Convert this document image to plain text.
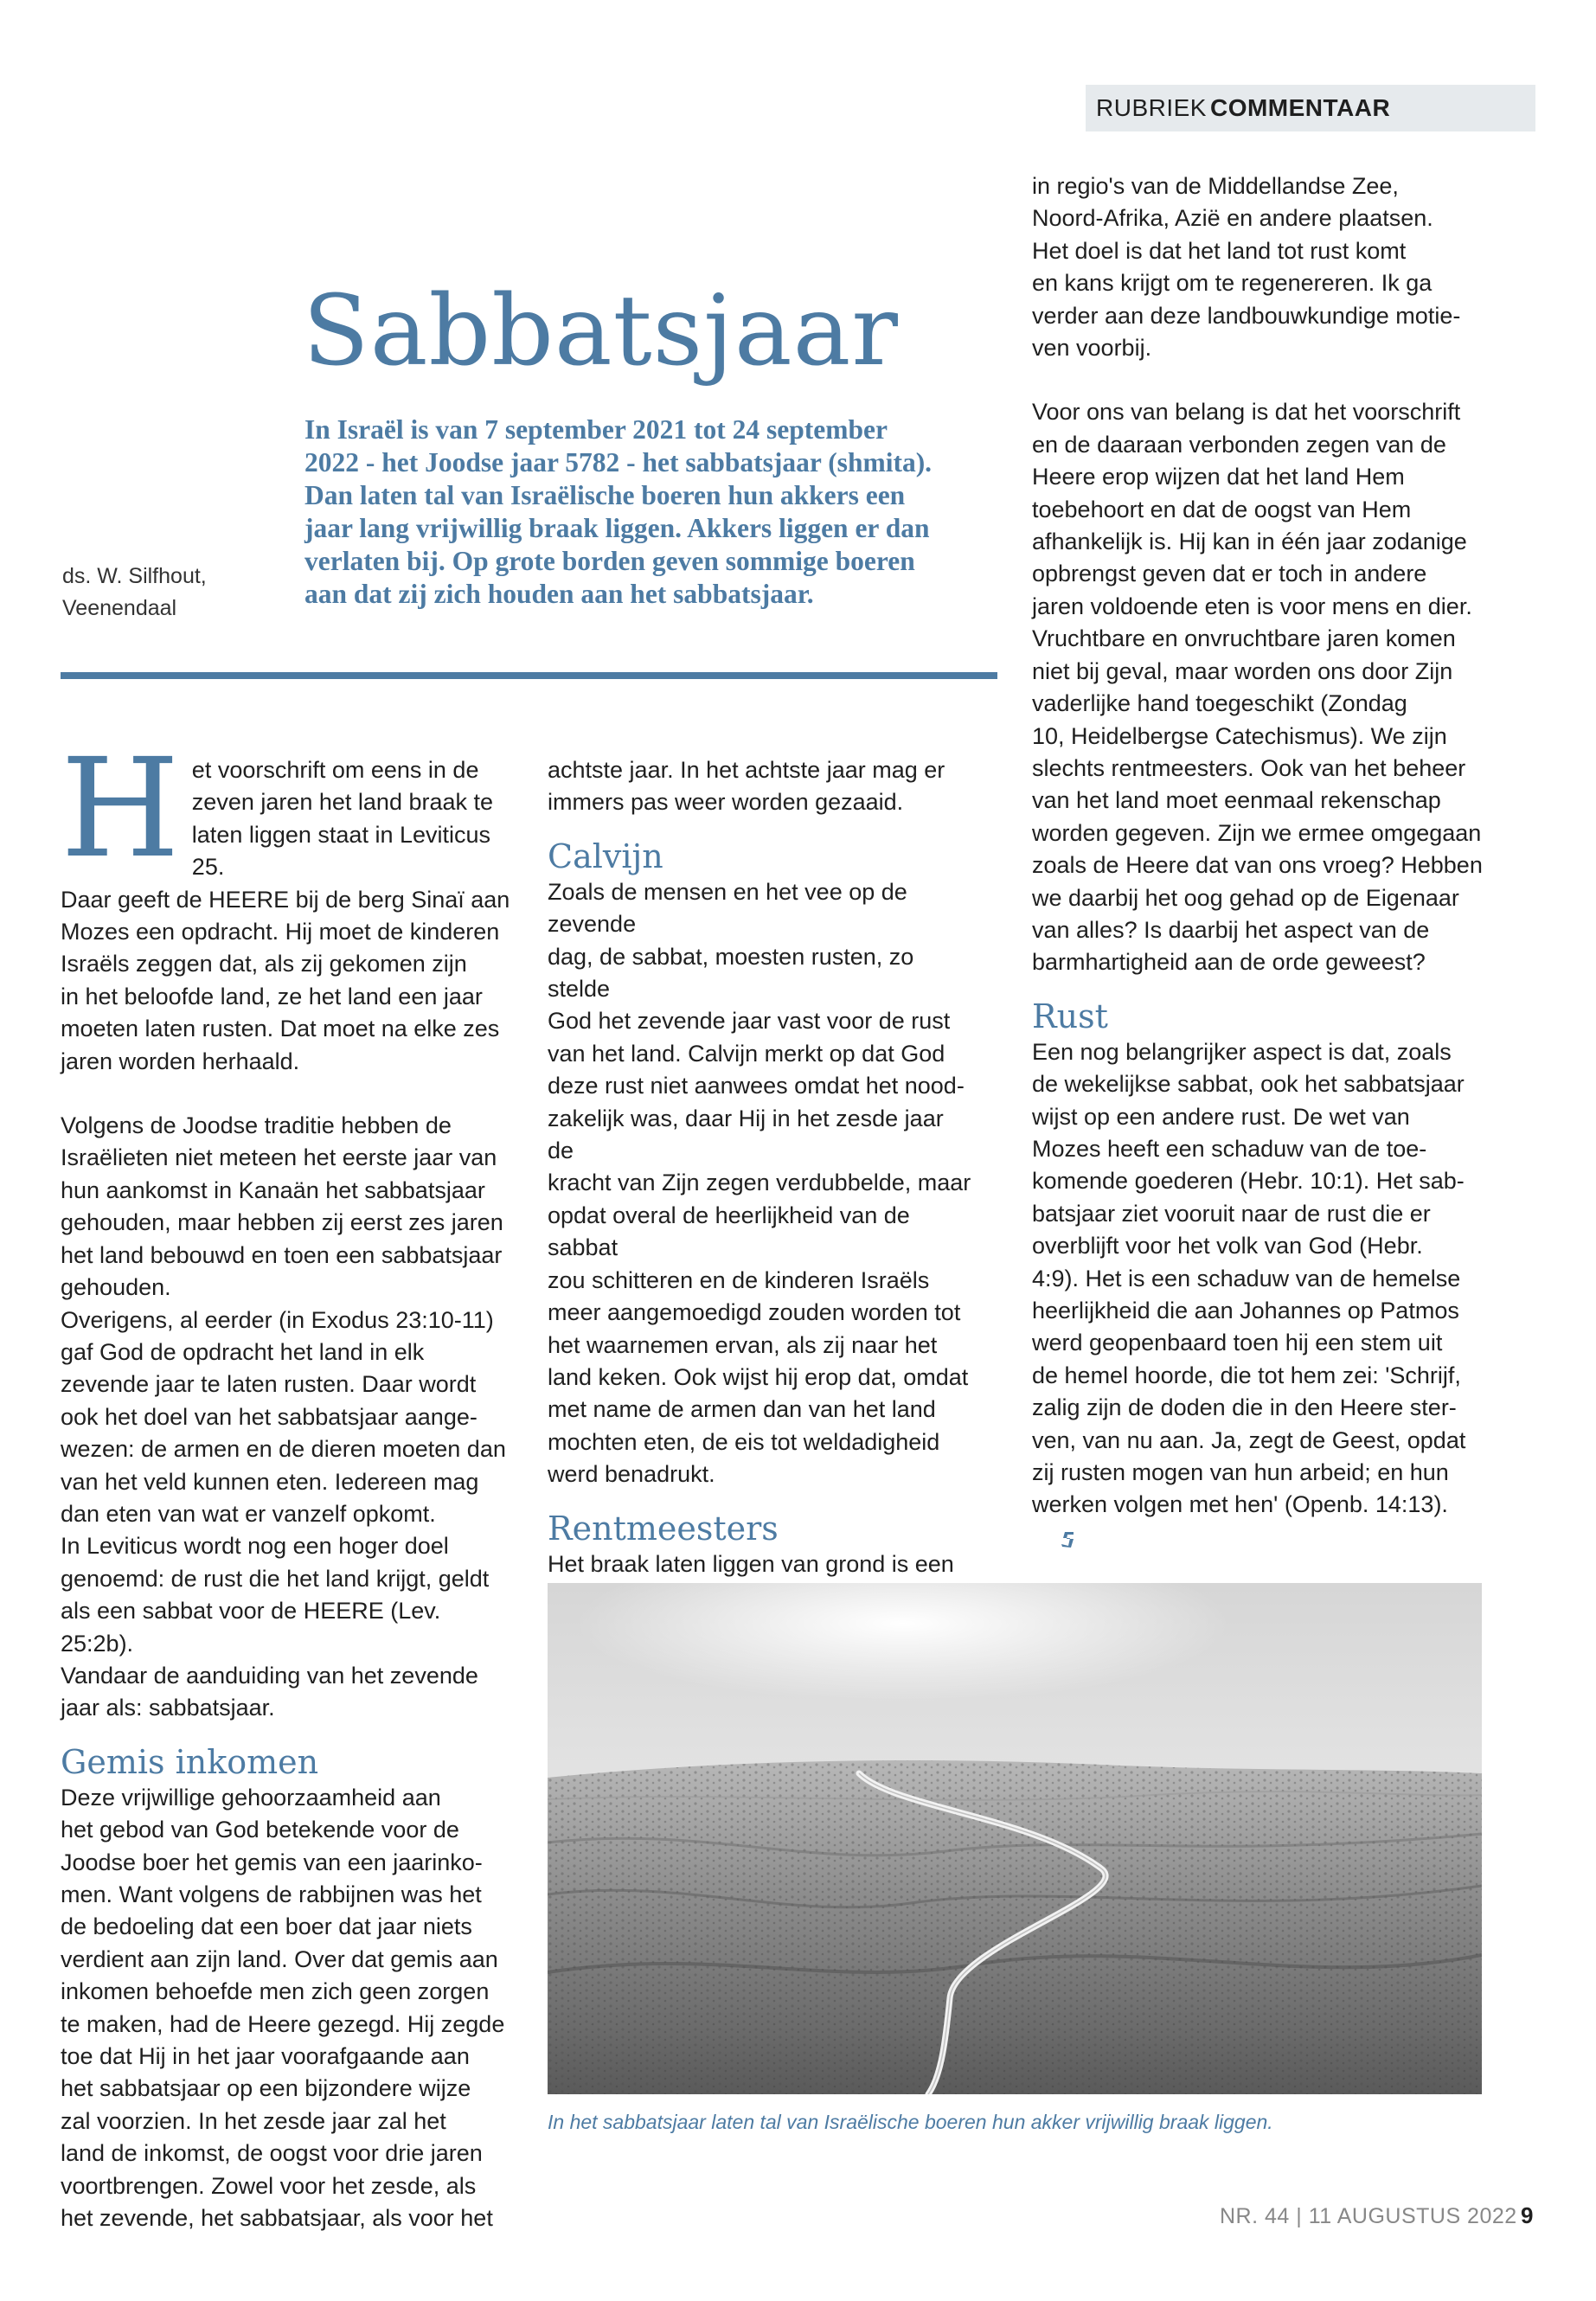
RUBRIEK COMMENTAAR
Sabbatsjaar

In Israël is van 7 september 2021 tot 24 september

2022 - het Joodse jaar 5782 - het sabbatsjaar (shmita).

Dan laten tal van Israëlische boeren hun akkers een

jaar lang vrijwillig braak liggen. Akkers liggen er dan

verlaten bij. Op grote borden geven sommige boeren

aan dat zij zich houden aan het sabbatsjaar.

ds. W. Silfhout,
Veenendaal
H et voorschrift om eens in de

zeven jaren het land braak te

laten liggen staat in Leviticus 25.

Daar geeft de HEERE bij de berg Sinaï aan

Mozes een opdracht. Hij moet de kinderen

Israëls zeggen dat, als zij gekomen zijn

in het beloofde land, ze het land een jaar

moeten laten rusten. Dat moet na elke zes

jaren worden herhaald.

Volgens de Joodse traditie hebben de

Israëlieten niet meteen het eerste jaar van

hun aankomst in Kanaän het sabbatsjaar

gehouden, maar hebben zij eerst zes jaren

het land bebouwd en toen een sabbatsjaar

gehouden.

Overigens, al eerder (in Exodus 23:10-11)

gaf God de opdracht het land in elk

zevende jaar te laten rusten. Daar wordt

ook het doel van het sabbatsjaar aange-

wezen: de armen en de dieren moeten dan

van het veld kunnen eten. Iedereen mag

dan eten van wat er vanzelf opkomt.

In Leviticus wordt nog een hoger doel

genoemd: de rust die het land krijgt, geldt

als een sabbat voor de HEERE (Lev. 25:2b).

Vandaar de aanduiding van het zevende

jaar als: sabbatsjaar.

Gemis inkomen

Deze vrijwillige gehoorzaamheid aan

het gebod van God betekende voor de

Joodse boer het gemis van een jaarinko-

men. Want volgens de rabbijnen was het

de bedoeling dat een boer dat jaar niets

verdient aan zijn land. Over dat gemis aan

inkomen behoefde men zich geen zorgen

te maken, had de Heere gezegd. Hij zegde

toe dat Hij in het jaar voorafgaande aan

het sabbatsjaar op een bijzondere wijze

zal voorzien. In het zesde jaar zal het

land de inkomst, de oogst voor drie jaren

voortbrengen. Zowel voor het zesde, als

het zevende, het sabbatsjaar, als voor het

achtste jaar. In het achtste jaar mag er

immers pas weer worden gezaaid.

Calvijn

Zoals de mensen en het vee op de zevende

dag, de sabbat, moesten rusten, zo stelde

God het zevende jaar vast voor de rust

van het land. Calvijn merkt op dat God

deze rust niet aanwees omdat het nood-

zakelijk was, daar Hij in het zesde jaar de

kracht van Zijn zegen verdubbelde, maar

opdat overal de heerlijkheid van de sabbat

zou schitteren en de kinderen Israëls

meer aangemoedigd zouden worden tot

het waarnemen ervan, als zij naar het

land keken. Ook wijst hij erop dat, omdat

met name de armen dan van het land

mochten eten, de eis tot weldadigheid

werd benadrukt.

Rentmeesters

Het braak laten liggen van grond is een

in regio's van de Middellandse Zee,

Noord-Afrika, Azië en andere plaatsen.

Het doel is dat het land tot rust komt

en kans krijgt om te regenereren. Ik ga

verder aan deze landbouwkundige motie-

ven voorbij.

Voor ons van belang is dat het voorschrift

en de daaraan verbonden zegen van de

Heere erop wijzen dat het land Hem

toebehoort en dat de oogst van Hem

afhankelijk is. Hij kan in één jaar zodanige

opbrengst geven dat er toch in andere

jaren voldoende eten is voor mens en dier.

Vruchtbare en onvruchtbare jaren komen

niet bij geval, maar worden ons door Zijn

vaderlijke hand toegeschikt (Zondag

10, Heidelbergse Catechismus). We zijn

slechts rentmeesters. Ook van het beheer

van het land moet eenmaal rekenschap

worden gegeven. Zijn we ermee omgegaan

zoals de Heere dat van ons vroeg? Hebben

we daarbij het oog gehad op de Eigenaar

van alles? Is daarbij het aspect van de

barmhartigheid aan de orde geweest?

Rust

Een nog belangrijker aspect is dat, zoals

de wekelijkse sabbat, ook het sabbatsjaar

wijst op een andere rust. De wet van

Mozes heeft een schaduw van de toe-

komende goederen (Hebr. 10:1). Het sab-

batsjaar ziet vooruit naar de rust die er

overblijft voor het volk van God (Hebr.

4:9). Het is een schaduw van de hemelse

heerlijkheid die aan Johannes op Patmos

werd geopenbaard toen hij een stem uit

de hemel hoorde, die tot hem zei: 'Schrijf,

zalig zijn de doden die in den Heere ster-

ven, van nu aan. Ja, zegt de Geest, opdat

zij rusten mogen van hun arbeid; en hun

werken volgen met hen' (Openb. 14:13).

In het sabbatsjaar laten tal van Israëlische boeren hun akker vrijwillig braak liggen.
NR. 44 | 11 AUGUSTUS 2022 9
